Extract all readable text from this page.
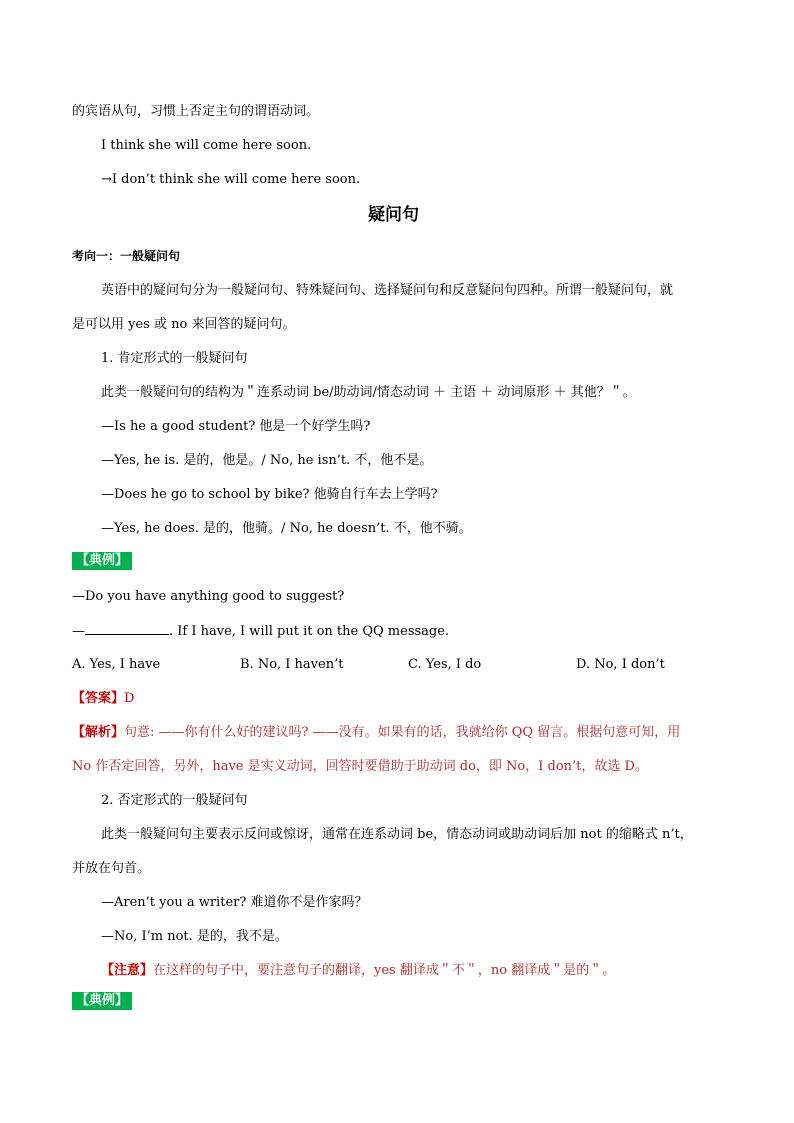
的宾语从句，习惯上否定主句的谓语动词。
I think she will come here soon.
→I don’t think she will come here soon.
疑问句
考向一：一般疑问句
英语中的疑问句分为一般疑问句、特殊疑问句、选择疑问句和反意疑问句四种。所谓一般疑问句，就
是可以用 yes 或 no 来回答的疑问句。
1. 肯定形式的一般疑问句
此类一般疑问句的结构为＂连系动词 be/助动词/情态动词 ＋ 主语 ＋ 动词原形 ＋ 其他？＂。
—Is he a good student? 他是一个好学生吗?
—Yes, he is. 是的，他是。/ No, he isn’t. 不，他不是。
—Does he go to school by bike? 他骑自行车去上学吗?
—Yes, he does. 是的，他骑。/ No, he doesn’t. 不，他不骑。
【典例】
—Do you have anything good to suggest?
—	. If I have, I will put it on the QQ message.
A. Yes, I have	B. No, I haven’t	C. Yes, I do	D. No, I don’t
【答案】D
【解析】句意: ——你有什么好的建议吗? ——没有。如果有的话，我就给你 QQ 留言。根据句意可知，用
No 作否定回答，另外，have 是实义动词，回答时要借助于助动词 do，即 No，I don’t，故选 D。
2. 否定形式的一般疑问句
此类一般疑问句主要表示反问或惊讶，通常在连系动词 be，情态动词或助动词后加 not 的缩略式 n’t，
并放在句首。
—Aren’t you a writer? 难道你不是作家吗？
—No, I’m not. 是的，我不是。
【注意】在这样的句子中，要注意句子的翻译，yes 翻译成＂不＂，no 翻译成＂是的＂。
【典例】
